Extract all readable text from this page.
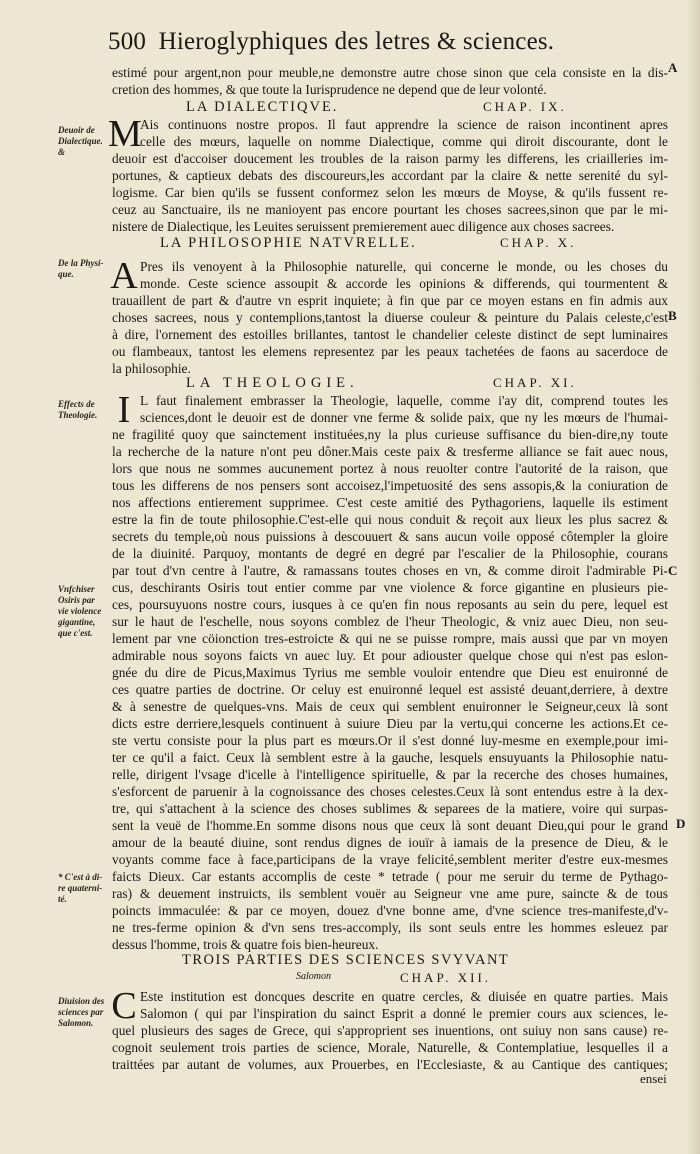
500 Hieroglyphiques des letres & sciences.
A
B
C
D
estimé pour argent,non pour meuble,ne demonstre autre chose sinon que cela consiste en la dis-
cretion des hommes, & que toute la Iurisprudence ne depend que de leur volonté.
LA DIALECTIQVE.	CHAP. IX.
Deuoir de
Dialectique.
&	M
Ais continuons nostre propos. Il faut apprendre la science de raison incontinent apres
celle des mœurs, laquelle on nomme Dialectique, comme qui diroit discourante, dont le
deuoir est d'accoiser doucement les troubles de la raison parmy les differens, les criailleries im-
portunes, & captieux debats des discoureurs,les accordant par la claire & nette serenité du syl-
logisme. Car bien qu'ils se fussent conformez selon les mœurs de Moyse, & qu'ils fussent re-
ceuz au Sanctuaire, ils ne manioyent pas encore pourtant les choses sacrees,sinon que par le mi-
nistere de Dialectique, les Leuites seruissent premierement auec diligence aux choses sacrees.
LA PHILOSOPHIE NATVRELLE.	CHAP. X.
De la Physi-
que. A Pres ils venoyent à la Philosophie naturelle, qui concerne le monde, ou les choses du
monde. Ceste science assoupit & accorde les opinions & differends, qui tourmentent &
trauaillent de part & d'autre vn esprit inquiete; à fin que par ce moyen estans en fin admis aux
choses sacrees, nous y contemplions,tantost la diuerse couleur & peinture du Palais celeste,c'est
à dire, l'ornement des estoilles brillantes, tantost le chandelier celeste distinct de sept luminaires
ou flambeaux, tantost les elemens representez par les peaux tachetées de faons au sacerdoce de
la philosophie.
LA THEOLOGIE.	CHAP. XI.
Effects de
Theologie.
Vnfchiser
Osiris par
vie violence
gigantine,
que c'est.
* C'est à di-
re quaterni-
té.
I L faut finalement embrasser la Theologie, laquelle, comme i'ay dit, comprend toutes les
sciences,dont le deuoir est de donner vne ferme & solide paix, que ny les mœurs de l'humai-
ne fragilité quoy que sainctement instituées,ny la plus curieuse suffisance du bien-dire,ny toute
la recherche de la nature n'ont peu dôner.Mais ceste paix & tresferme alliance se fait auec nous,
lors que nous ne sommes aucunement portez à nous reuolter contre l'autorité de la raison, que
tous les differens de nos pensers sont accoisez,l'impetuosité des sens assopis,& la coniuration de
nos affections entierement supprimee. C'est ceste amitié des Pythagoriens, laquelle ils estiment
estre la fin de toute philosophie.C'est-elle qui nous conduit & reçoit aux lieux les plus sacrez &
secrets du temple,où nous puissions à descouuert & sans aucun voile opposé côtempler la gloire
de la diuinité. Parquoy, montants de degré en degré par l'escalier de la Philosophie, courans
par tout d'vn centre à l'autre, & ramassans toutes choses en vn, & comme diroit l'admirable Pi-
cus, deschirants Osiris tout entier comme par vne violence & force gigantine en plusieurs pie-
ces, poursuyuons nostre cours, iusques à ce qu'en fin nous reposants au sein du pere, lequel est
sur le haut de l'eschelle, nous soyons comblez de l'heur Theologic, & vniz auec Dieu, non seu-
lement par vne cöionction tres-estroicte & qui ne se puisse rompre, mais aussi que par vn moyen
admirable nous soyons faicts vn auec luy. Et pour adiouster quelque chose qui n'est pas eslon-
gnée du dire de Picus,Maximus Tyrius me semble vouloir entendre que Dieu est enuironné de
ces quatre parties de doctrine. Or celuy est enuironné lequel est assisté deuant,derriere, à dextre
& à senestre de quelques-vns. Mais de ceux qui semblent enuironner le Seigneur,ceux là sont
dicts estre derriere,lesquels continuent à suiure Dieu par la vertu,qui concerne les actions.Et ce-
ste vertu consiste pour la plus part es mœurs.Or il s'est donné luy-mesme en exemple,pour imi-
ter ce qu'il a faict. Ceux là semblent estre à la gauche, lesquels ensuyuants la Philosophie natu-
relle, dirigent l'vsage d'icelle à l'intelligence spirituelle, & par la recerche des choses humaines,
s'esforcent de paruenir à la cognoissance des choses celestes.Ceux là sont entendus estre à la dex-
tre, qui s'attachent à la science des choses sublimes & separees de la matiere, voire qui surpas-
sent la veuë de l'homme.En somme disons nous que ceux là sont deuant Dieu,qui pour le grand
amour de la beauté diuine, sont rendus dignes de iouïr à iamais de la presence de Dieu, & le
voyants comme face à face,participans de la vraye felicité,semblent meriter d'estre eux-mesmes
faicts Dieux. Car estants accomplis de ceste * tetrade ( pour me seruir du terme de Pythago-
ras) & deuement instruicts, ils semblent vouër au Seigneur vne ame pure, saincte & de tous
poincts immaculée: & par ce moyen, douez d'vne bonne ame, d'vne science tres-manifeste,d'v-
ne tres-ferme opinion & d'vn sens tres-accomply, ils sont seuls entre les hommes esleuez par
dessus l'homme, trois & quatre fois bien-heureux.
TROIS PARTIES DES SCIENCES SVYVANT
Salomon	CHAP. XII.
Diuision des
sciences par
Salomon. C Este institution est doncques descrite en quatre cercles, & diuisée en quatre parties. Mais
Salomon ( qui par l'inspiration du sainct Esprit a donné le premier cours aux sciences, le-
quel plusieurs des sages de Grece, qui s'approprient ses inuentions, ont suiuy non sans cause) re-
cognoit seulement trois parties de science, Morale, Naturelle, & Contemplatiue, lesquelles il a
traittées par autant de volumes, aux Prouerbes, en l'Ecclesiaste, & au Cantique des cantiques;
ensei
